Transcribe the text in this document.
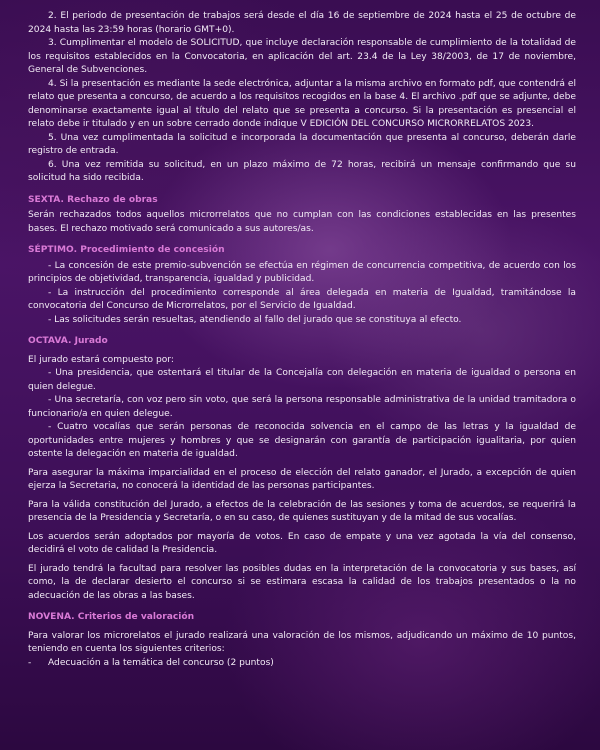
2. El periodo de presentación de trabajos será desde el día 16 de septiembre de 2024 hasta el 25 de octubre de 2024 hasta las 23:59 horas (horario GMT+0).

3. Cumplimentar el modelo de SOLICITUD, que incluye declaración responsable de cumplimiento de la totalidad de los requisitos establecidos en la Convocatoria, en aplicación del art. 23.4 de la Ley 38/2003, de 17 de noviembre, General de Subvenciones.

4. Si la presentación es mediante la sede electrónica, adjuntar a la misma archivo en formato pdf, que contendrá el relato que presenta a concurso, de acuerdo a los requisitos recogidos en la base 4. El archivo .pdf que se adjunte, debe denominarse exactamente igual al título del relato que se presenta a concurso. Si la presentación es presencial el relato debe ir titulado y en un sobre cerrado donde indique V EDICIÓN DEL CONCURSO MICRORRELATOS 2023.

5. Una vez cumplimentada la solicitud e incorporada la documentación que presenta al concurso, deberán darle registro de entrada.

6. Una vez remitida su solicitud, en un plazo máximo de 72 horas, recibirá un mensaje confirmando que su solicitud ha sido recibida.

SEXTA. Rechazo de obras

Serán rechazados todos aquellos microrrelatos que no cumplan con las condiciones establecidas en las presentes bases. El rechazo motivado será comunicado a sus autores/as.

SÉPTIMO. Procedimiento de concesión

- La concesión de este premio-subvención se efectúa en régimen de concurrencia competitiva, de acuerdo con los principios de objetividad, transparencia, igualdad y publicidad.

- La instrucción del procedimiento corresponde al área delegada en materia de Igualdad, tramitándose la convocatoria del Concurso de Microrrelatos, por el Servicio de Igualdad.

- Las solicitudes serán resueltas, atendiendo al fallo del jurado que se constituya al efecto.

OCTAVA. Jurado

El jurado estará compuesto por:

- Una presidencia, que ostentará el titular de la Concejalía con delegación en materia de igualdad o persona en quien delegue.

- Una secretaría, con voz pero sin voto, que será la persona responsable administrativa de la unidad tramitadora o funcionario/a en quien delegue.

- Cuatro vocalías que serán personas de reconocida solvencia en el campo de las letras y la igualdad de oportunidades entre mujeres y hombres y que se designarán con garantía de participación igualitaria, por quien ostente la delegación en materia de igualdad.

Para asegurar la máxima imparcialidad en el proceso de elección del relato ganador, el Jurado, a excepción de quien ejerza la Secretaria, no conocerá la identidad de las personas participantes.

Para la válida constitución del Jurado, a efectos de la celebración de las sesiones y toma de acuerdos, se requerirá la presencia de la Presidencia y Secretaría, o en su caso, de quienes sustituyan y de la mitad de sus vocalías.

Los acuerdos serán adoptados por mayoría de votos. En caso de empate y una vez agotada la vía del consenso, decidirá el voto de calidad la Presidencia.

El jurado tendrá la facultad para resolver las posibles dudas en la interpretación de la convocatoria y sus bases, así como, la de declarar desierto el concurso si se estimara escasa la calidad de los trabajos presentados o la no adecuación de las obras a las bases.

NOVENA. Criterios de valoración

Para valorar los microrelatos el jurado realizará una valoración de los mismos, adjudicando un máximo de 10 puntos, teniendo en cuenta los siguientes criterios:

-	Adecuación a la temática del concurso (2 puntos)
